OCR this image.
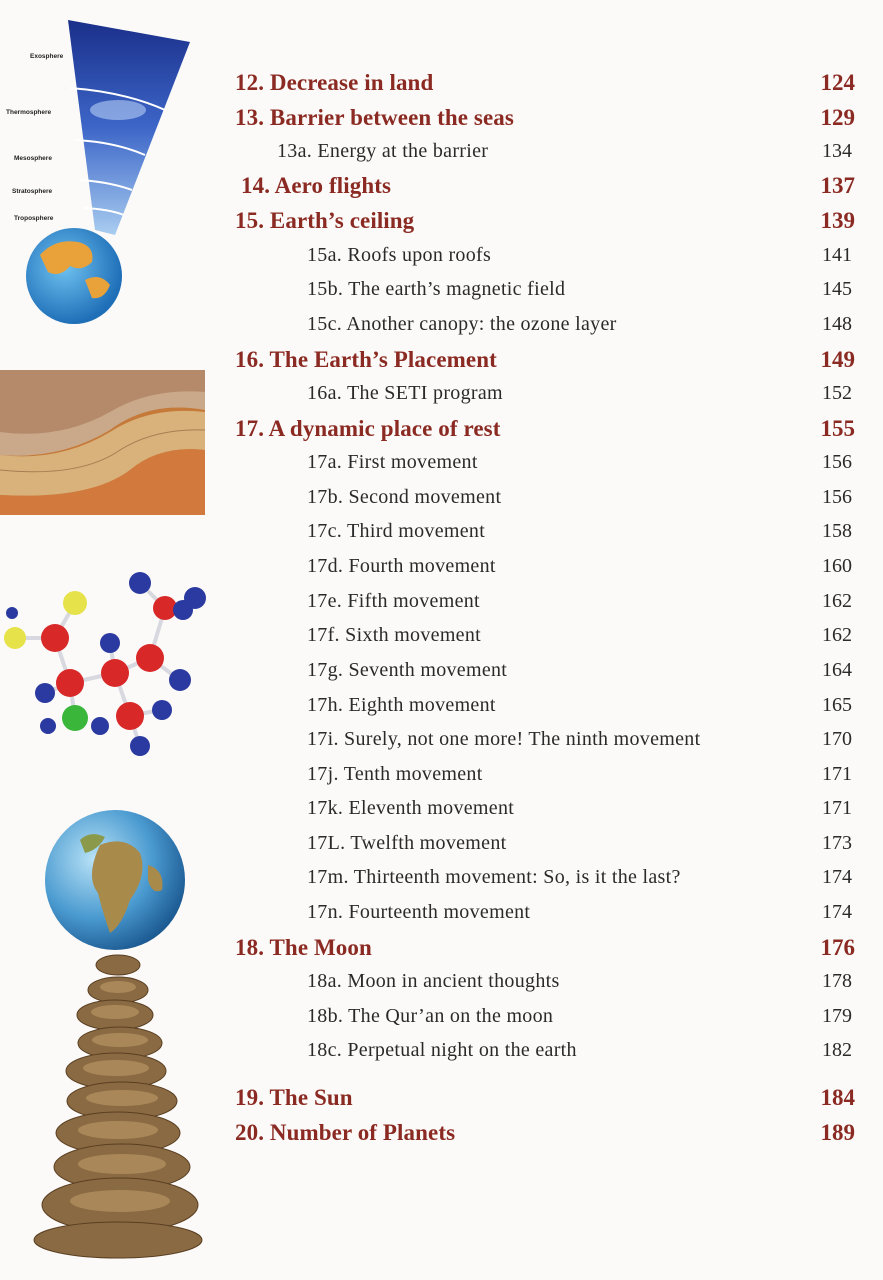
Exosphere
Thermosphere
Mesosphere
Stratosphere
Troposphere
12. Decrease in land	124
13. Barrier between the seas	129
13a. Energy at the barrier	134
14. Aero flights	137
15. Earth’s ceiling	139
15a. Roofs upon roofs	141
15b. The earth’s magnetic field	145
15c. Another canopy: the ozone layer	148
16. The Earth’s Placement	149
16a. The SETI program	152
17. A dynamic place of rest	155
17a. First movement	156
17b. Second movement	156
17c. Third movement	158
17d. Fourth movement	160
17e. Fifth movement	162
17f. Sixth movement	162
17g. Seventh movement	164
17h. Eighth movement	165
17i. Surely, not one more! The ninth movement	170
17j. Tenth movement	171
17k. Eleventh movement	171
17L. Twelfth movement	173
17m. Thirteenth movement: So, is it the last?	174
17n. Fourteenth movement	174
18. The Moon	176
18a. Moon in ancient thoughts	178
18b. The Qur’an on the moon	179
18c. Perpetual night on the earth	182
19. The Sun	184
20. Number of Planets	189
